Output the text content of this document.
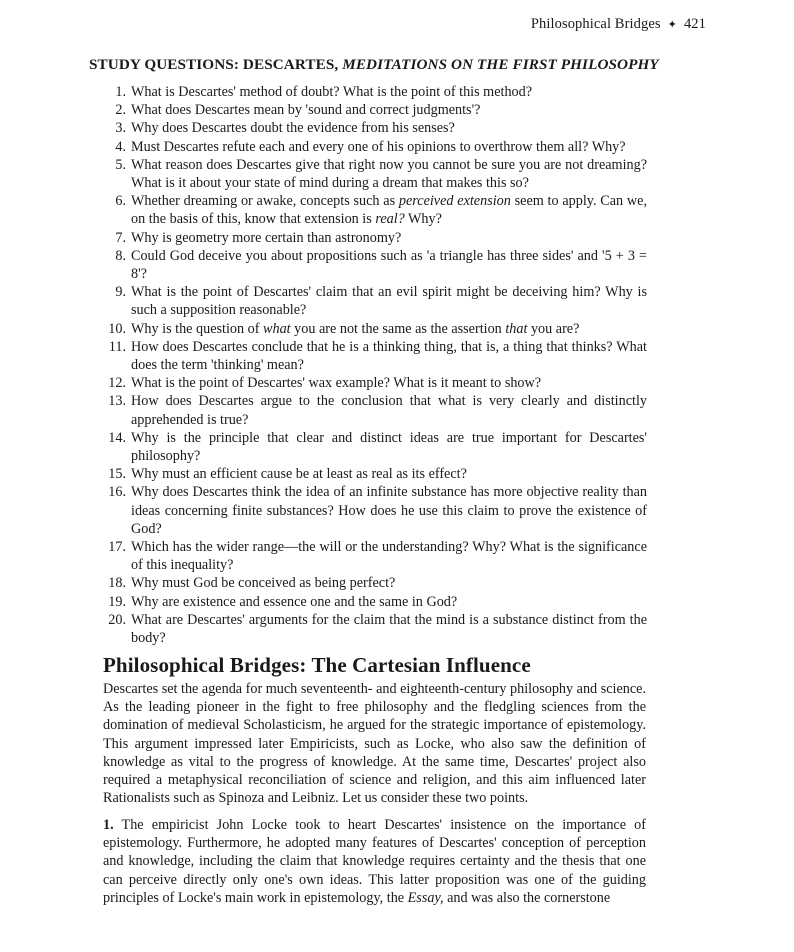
Philosophical Bridges ✦ 421
STUDY QUESTIONS: DESCARTES, MEDITATIONS ON THE FIRST PHILOSOPHY
1. What is Descartes' method of doubt? What is the point of this method?
2. What does Descartes mean by 'sound and correct judgments'?
3. Why does Descartes doubt the evidence from his senses?
4. Must Descartes refute each and every one of his opinions to overthrow them all? Why?
5. What reason does Descartes give that right now you cannot be sure you are not dreaming? What is it about your state of mind during a dream that makes this so?
6. Whether dreaming or awake, concepts such as perceived extension seem to apply. Can we, on the basis of this, know that extension is real? Why?
7. Why is geometry more certain than astronomy?
8. Could God deceive you about propositions such as 'a triangle has three sides' and '5 + 3 = 8'?
9. What is the point of Descartes' claim that an evil spirit might be deceiving him? Why is such a supposition reasonable?
10. Why is the question of what you are not the same as the assertion that you are?
11. How does Descartes conclude that he is a thinking thing, that is, a thing that thinks? What does the term 'thinking' mean?
12. What is the point of Descartes' wax example? What is it meant to show?
13. How does Descartes argue to the conclusion that what is very clearly and distinctly apprehended is true?
14. Why is the principle that clear and distinct ideas are true important for Descartes' philosophy?
15. Why must an efficient cause be at least as real as its effect?
16. Why does Descartes think the idea of an infinite substance has more objective reality than ideas concerning finite substances? How does he use this claim to prove the existence of God?
17. Which has the wider range—the will or the understanding? Why? What is the significance of this inequality?
18. Why must God be conceived as being perfect?
19. Why are existence and essence one and the same in God?
20. What are Descartes' arguments for the claim that the mind is a substance distinct from the body?
Philosophical Bridges: The Cartesian Influence

Descartes set the agenda for much seventeenth- and eighteenth-century philosophy and science. As the leading pioneer in the fight to free philosophy and the fledgling sciences from the domination of medieval Scholasticism, he argued for the strategic importance of epistemology. This argument impressed later Empiricists, such as Locke, who also saw the definition of knowledge as vital to the progress of knowledge. At the same time, Descartes' project also required a metaphysical reconciliation of science and religion, and this aim influenced later Rationalists such as Spinoza and Leibniz. Let us consider these two points.

1. The empiricist John Locke took to heart Descartes' insistence on the importance of epistemology. Furthermore, he adopted many features of Descartes' conception of perception and knowledge, including the claim that knowledge requires certainty and the thesis that one can perceive directly only one's own ideas. This latter proposition was one of the guiding principles of Locke's main work in epistemology, the Essay, and was also the cornerstone
